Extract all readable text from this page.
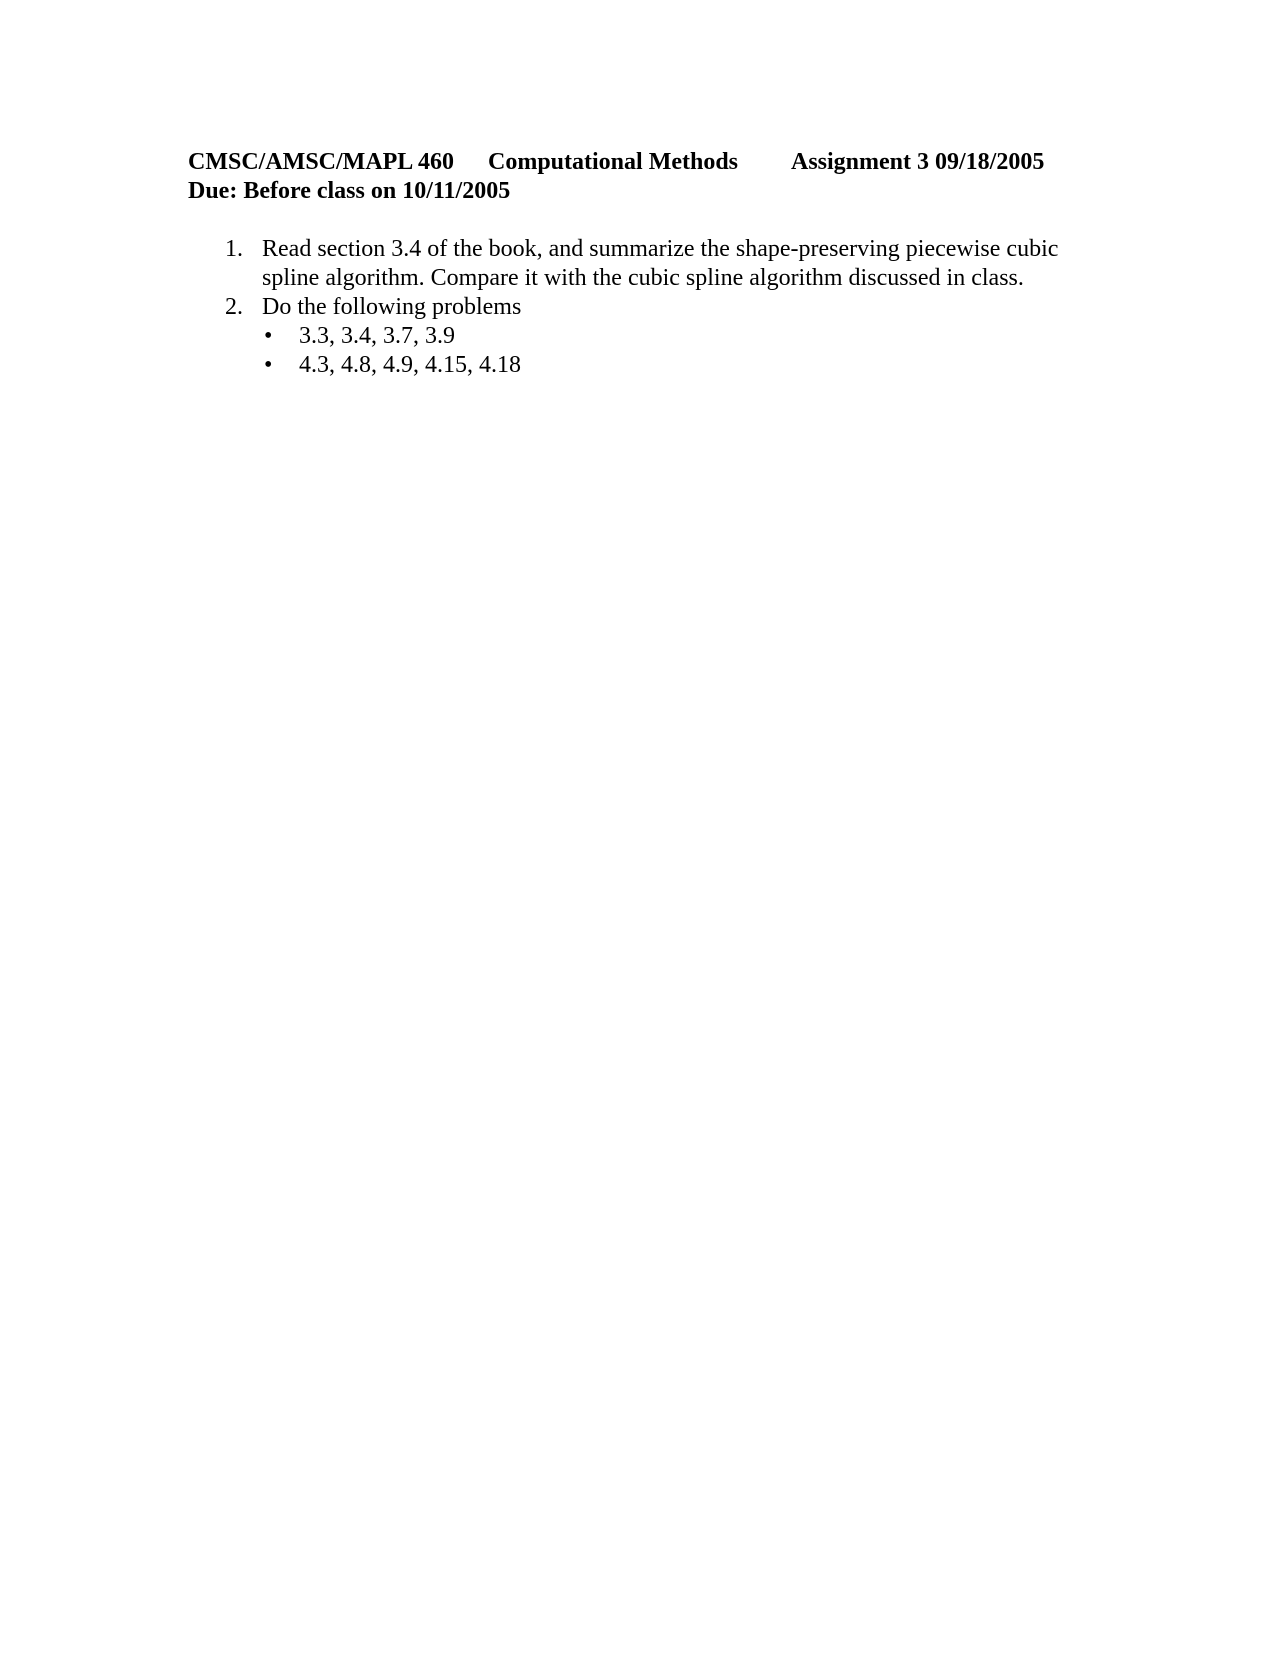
CMSC/AMSC/MAPL 460 Computational Methods Assignment 3 09/18/2005
Due: Before class on 10/11/2005
1. Read section 3.4 of the book, and summarize the shape-preserving piecewise cubic spline algorithm. Compare it with the cubic spline algorithm discussed in class.
2. Do the following problems
• 3.3, 3.4, 3.7, 3.9
• 4.3, 4.8, 4.9, 4.15, 4.18
